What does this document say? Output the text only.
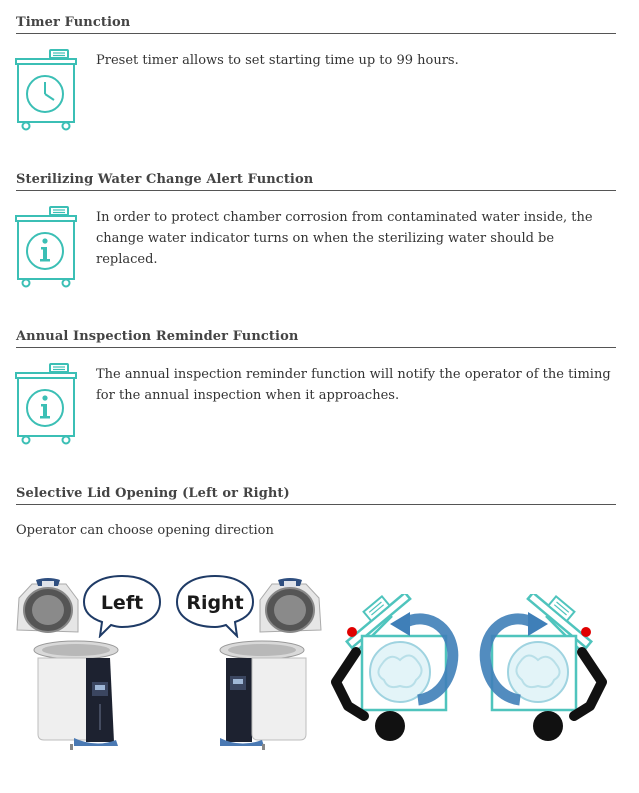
Timer Function
Preset timer allows to set starting time up to 99 hours.
Sterilizing Water Change Alert Function
In order to protect chamber corrosion from contaminated water inside, the change water indicator turns on when the sterilizing water should be replaced.
Annual Inspection Reminder Function
The annual inspection reminder function will notify the operator of the timing for the annual inspection when it approaches.
Selective Lid Opening (Left or Right)
Operator can choose opening direction
Left Right
